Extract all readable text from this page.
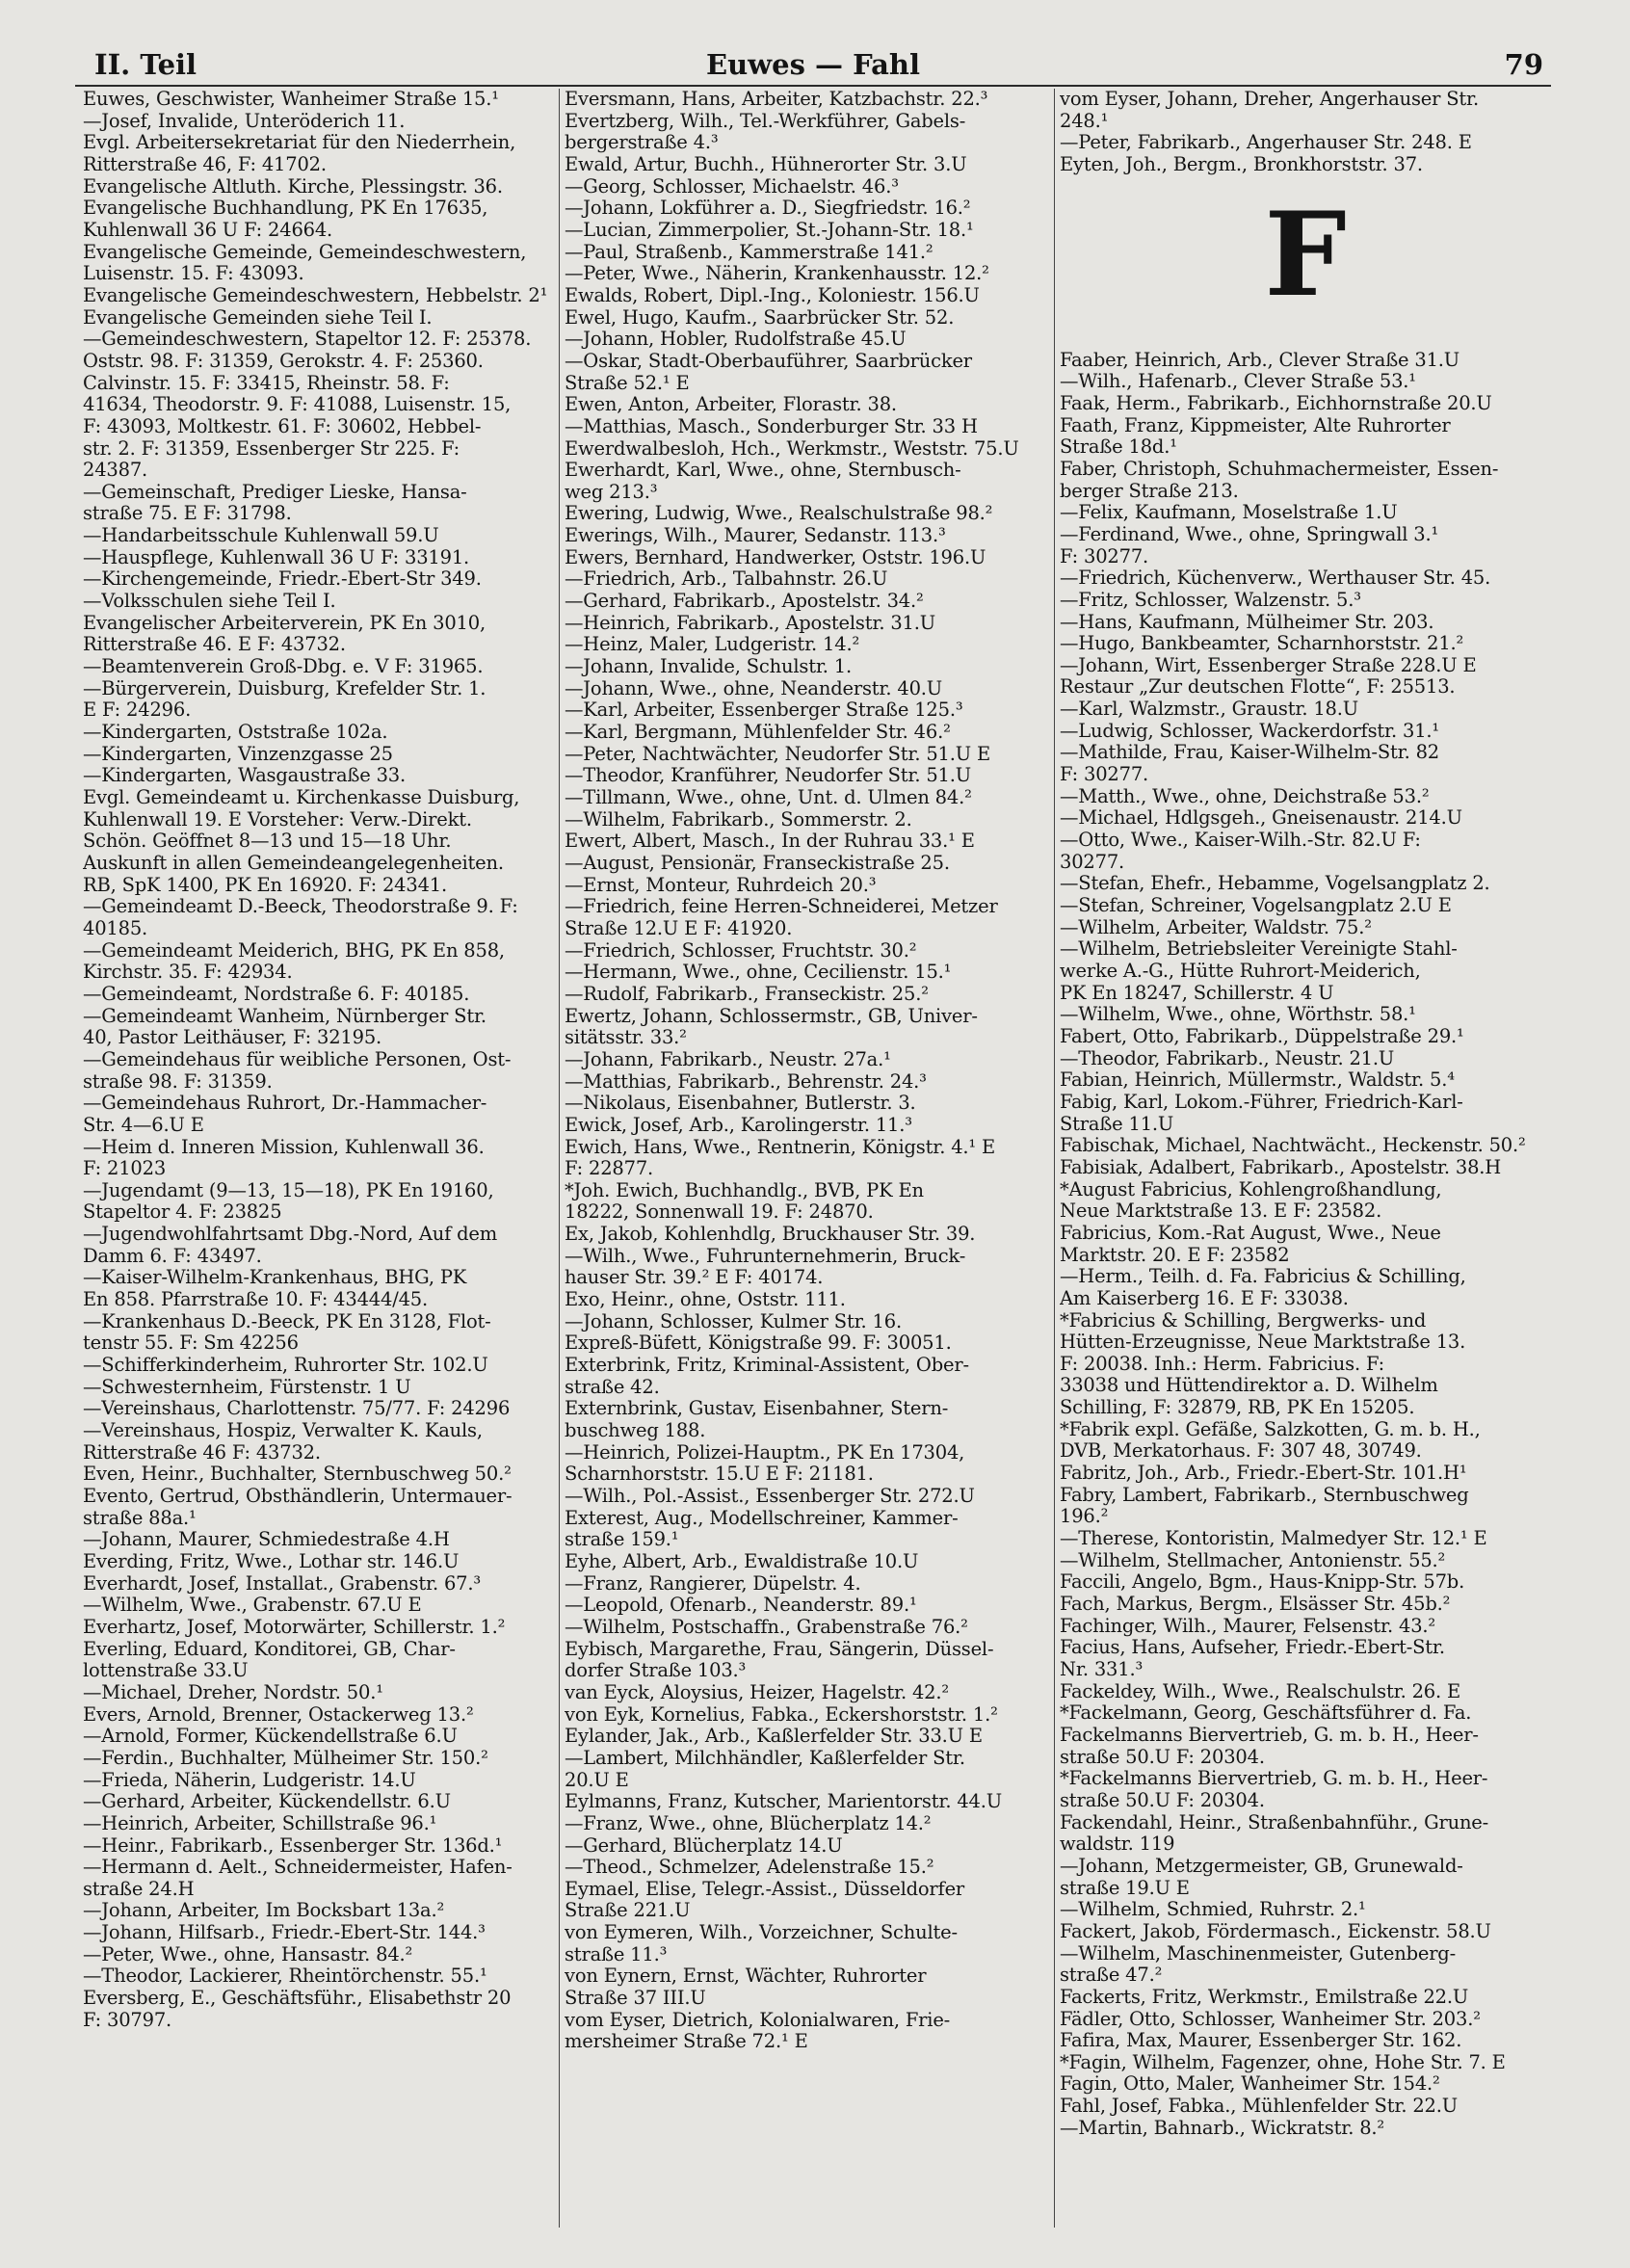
II. Teil	Euwes — Fahl	79
Euwes, Geschwister, Wanheimer Straße 15.¹
—Josef, Invalide, Unteröderich 11.
Evgl. Arbeitersekretariat für den Niederrhein,
Ritterstraße 46, F: 41702.
Evangelische Altluth. Kirche, Plessingstr. 36.
Evangelische Buchhandlung, PK En 17635,
Kuhlenwall 36 U F: 24664.
Evangelische Gemeinde, Gemeindeschwestern,
Luisenstr. 15. F: 43093.
Evangelische Gemeindeschwestern, Hebbelstr. 2¹
Evangelische Gemeinden siehe Teil I.
—Gemeindeschwestern, Stapeltor 12. F: 25378.
Oststr. 98. F: 31359, Gerokstr. 4. F: 25360.
Calvinstr. 15. F: 33415, Rheinstr. 58. F:
41634, Theodorstr. 9. F: 41088, Luisenstr. 15,
F: 43093, Moltkestr. 61. F: 30602, Hebbel-
str. 2. F: 31359, Essenberger Str 225. F:
24387.
—Gemeinschaft, Prediger Lieske, Hansa-
straße 75. E F: 31798.
—Handarbeitsschule Kuhlenwall 59.U
—Hauspflege, Kuhlenwall 36 U F: 33191.
—Kirchengemeinde, Friedr.-Ebert-Str 349.
—Volksschulen siehe Teil I.
Evangelischer Arbeiterverein, PK En 3010,
Ritterstraße 46. E F: 43732.
—Beamtenverein Groß-Dbg. e. V F: 31965.
—Bürgerverein, Duisburg, Krefelder Str. 1.
E F: 24296.
—Kindergarten, Oststraße 102a.
—Kindergarten, Vinzenzgasse 25
—Kindergarten, Wasgaustraße 33.
Evgl. Gemeindeamt u. Kirchenkasse Duisburg,
Kuhlenwall 19. E Vorsteher: Verw.-Direkt.
Schön. Geöffnet 8—13 und 15—18 Uhr.
Auskunft in allen Gemeindeangelegenheiten.
RB, SpK 1400, PK En 16920. F: 24341.
—Gemeindeamt D.-Beeck, Theodorstraße 9. F:
40185.
—Gemeindeamt Meiderich, BHG, PK En 858,
Kirchstr. 35. F: 42934.
—Gemeindeamt, Nordstraße 6. F: 40185.
—Gemeindeamt Wanheim, Nürnberger Str.
40, Pastor Leithäuser, F: 32195.
—Gemeindehaus für weibliche Personen, Ost-
straße 98. F: 31359.
—Gemeindehaus Ruhrort, Dr.-Hammacher-
Str. 4—6.U E
—Heim d. Inneren Mission, Kuhlenwall 36.
F: 21023
—Jugendamt (9—13, 15—18), PK En 19160,
Stapeltor 4. F: 23825
—Jugendwohlfahrtsamt Dbg.-Nord, Auf dem
Damm 6. F: 43497.
—Kaiser-Wilhelm-Krankenhaus, BHG, PK
En 858. Pfarrstraße 10. F: 43444/45.
—Krankenhaus D.-Beeck, PK En 3128, Flot-
tenstr 55. F: Sm 42256
—Schifferkinderheim, Ruhrorter Str. 102.U
—Schwesternheim, Fürstenstr. 1 U
—Vereinshaus, Charlottenstr. 75/77. F: 24296
—Vereinshaus, Hospiz, Verwalter K. Kauls,
Ritterstraße 46 F: 43732.
Even, Heinr., Buchhalter, Sternbuschweg 50.²
Evento, Gertrud, Obsthändlerin, Untermauer-
straße 88a.¹
—Johann, Maurer, Schmiedestraße 4.H
Everding, Fritz, Wwe., Lothar str. 146.U
Everhardt, Josef, Installat., Grabenstr. 67.³
—Wilhelm, Wwe., Grabenstr. 67.U E
Everhartz, Josef, Motorwärter, Schillerstr. 1.²
Everling, Eduard, Konditorei, GB, Char-
lottenstraße 33.U
—Michael, Dreher, Nordstr. 50.¹
Evers, Arnold, Brenner, Ostackerweg 13.²
—Arnold, Former, Kückendellstraße 6.U
—Ferdin., Buchhalter, Mülheimer Str. 150.²
—Frieda, Näherin, Ludgeristr. 14.U
—Gerhard, Arbeiter, Kückendellstr. 6.U
—Heinrich, Arbeiter, Schillstraße 96.¹
—Heinr., Fabrikarb., Essenberger Str. 136d.¹
—Hermann d. Aelt., Schneidermeister, Hafen-
straße 24.H
—Johann, Arbeiter, Im Bocksbart 13a.²
—Johann, Hilfsarb., Friedr.-Ebert-Str. 144.³
—Peter, Wwe., ohne, Hansastr. 84.²
—Theodor, Lackierer, Rheintörchenstr. 55.¹
Eversberg, E., Geschäftsführ., Elisabethstr 20
F: 30797.
Eversmann, Hans, Arbeiter, Katzbachstr. 22.³
Evertzberg, Wilh., Tel.-Werkführer, Gabels-
bergerstraße 4.³
Ewald, Artur, Buchh., Hühnerorter Str. 3.U
—Georg, Schlosser, Michaelstr. 46.³
—Johann, Lokführer a. D., Siegfriedstr. 16.²
—Lucian, Zimmerpolier, St.-Johann-Str. 18.¹
—Paul, Straßenb., Kammerstraße 141.²
—Peter, Wwe., Näherin, Krankenhausstr. 12.²
Ewalds, Robert, Dipl.-Ing., Koloniestr. 156.U
Ewel, Hugo, Kaufm., Saarbrücker Str. 52.
—Johann, Hobler, Rudolfstraße 45.U
—Oskar, Stadt-Oberbauführer, Saarbrücker
Straße 52.¹ E
Ewen, Anton, Arbeiter, Florastr. 38.
—Matthias, Masch., Sonderburger Str. 33 H
Ewerdwalbesloh, Hch., Werkmstr., Weststr. 75.U
Ewerhardt, Karl, Wwe., ohne, Sternbusch-
weg 213.³
Ewering, Ludwig, Wwe., Realschulstraße 98.²
Ewerings, Wilh., Maurer, Sedanstr. 113.³
Ewers, Bernhard, Handwerker, Oststr. 196.U
—Friedrich, Arb., Talbahnstr. 26.U
—Gerhard, Fabrikarb., Apostelstr. 34.²
—Heinrich, Fabrikarb., Apostelstr. 31.U
—Heinz, Maler, Ludgeristr. 14.²
—Johann, Invalide, Schulstr. 1.
—Johann, Wwe., ohne, Neanderstr. 40.U
—Karl, Arbeiter, Essenberger Straße 125.³
—Karl, Bergmann, Mühlenfelder Str. 46.²
—Peter, Nachtwächter, Neudorfer Str. 51.U E
—Theodor, Kranführer, Neudorfer Str. 51.U
—Tillmann, Wwe., ohne, Unt. d. Ulmen 84.²
—Wilhelm, Fabrikarb., Sommerstr. 2.
Ewert, Albert, Masch., In der Ruhrau 33.¹ E
—August, Pensionär, Franseckistraße 25.
—Ernst, Monteur, Ruhrdeich 20.³
—Friedrich, feine Herren-Schneiderei, Metzer
Straße 12.U E F: 41920.
—Friedrich, Schlosser, Fruchtstr. 30.²
—Hermann, Wwe., ohne, Cecilienstr. 15.¹
—Rudolf, Fabrikarb., Franseckistr. 25.²
Ewertz, Johann, Schlossermstr., GB, Univer-
sitätsstr. 33.²
—Johann, Fabrikarb., Neustr. 27a.¹
—Matthias, Fabrikarb., Behrenstr. 24.³
—Nikolaus, Eisenbahner, Butlerstr. 3.
Ewick, Josef, Arb., Karolingerstr. 11.³
Ewich, Hans, Wwe., Rentnerin, Königstr. 4.¹ E
F: 22877.
*Joh. Ewich, Buchhandlg., BVB, PK En
18222, Sonnenwall 19. F: 24870.
Ex, Jakob, Kohlenhdlg, Bruckhauser Str. 39.
—Wilh., Wwe., Fuhrunternehmerin, Bruck-
hauser Str. 39.² E F: 40174.
Exo, Heinr., ohne, Oststr. 111.
—Johann, Schlosser, Kulmer Str. 16.
Expreß-Büfett, Königstraße 99. F: 30051.
Exterbrink, Fritz, Kriminal-Assistent, Ober-
straße 42.
Externbrink, Gustav, Eisenbahner, Stern-
buschweg 188.
—Heinrich, Polizei-Hauptm., PK En 17304,
Scharnhorststr. 15.U E F: 21181.
—Wilh., Pol.-Assist., Essenberger Str. 272.U
Exterest, Aug., Modellschreiner, Kammer-
straße 159.¹
Eyhe, Albert, Arb., Ewaldistraße 10.U
—Franz, Rangierer, Düpelstr. 4.
—Leopold, Ofenarb., Neanderstr. 89.¹
—Wilhelm, Postschaffn., Grabenstraße 76.²
Eybisch, Margarethe, Frau, Sängerin, Düssel-
dorfer Straße 103.³
van Eyck, Aloysius, Heizer, Hagelstr. 42.²
von Eyk, Kornelius, Fabka., Eckershorststr. 1.²
Eylander, Jak., Arb., Kaßlerfelder Str. 33.U E
—Lambert, Milchhändler, Kaßlerfelder Str.
20.U E
Eylmanns, Franz, Kutscher, Marientorstr. 44.U
—Franz, Wwe., ohne, Blücherplatz 14.²
—Gerhard, Blücherplatz 14.U
—Theod., Schmelzer, Adelenstraße 15.²
Eymael, Elise, Telegr.-Assist., Düsseldorfer
Straße 221.U
von Eymeren, Wilh., Vorzeichner, Schulte-
straße 11.³
von Eynern, Ernst, Wächter, Ruhrorter
Straße 37 III.U
vom Eyser, Dietrich, Kolonialwaren, Frie-
mersheimer Straße 72.¹ E
vom Eyser, Johann, Dreher, Angerhauser Str.
248.¹
—Peter, Fabrikarb., Angerhauser Str. 248. E
Eyten, Joh., Bergm., Bronkhorststr. 37.
F
Faaber, Heinrich, Arb., Clever Straße 31.U
—Wilh., Hafenarb., Clever Straße 53.¹
Faak, Herm., Fabrikarb., Eichhornstraße 20.U
Faath, Franz, Kippmeister, Alte Ruhrorter
Straße 18d.¹
Faber, Christoph, Schuhmachermeister, Essen-
berger Straße 213.
—Felix, Kaufmann, Moselstraße 1.U
—Ferdinand, Wwe., ohne, Springwall 3.¹
F: 30277.
—Friedrich, Küchenverw., Werthauser Str. 45.
—Fritz, Schlosser, Walzenstr. 5.³
—Hans, Kaufmann, Mülheimer Str. 203.
—Hugo, Bankbeamter, Scharnhorststr. 21.²
—Johann, Wirt, Essenberger Straße 228.U E
Restaur „Zur deutschen Flotte“, F: 25513.
—Karl, Walzmstr., Graustr. 18.U
—Ludwig, Schlosser, Wackerdorfstr. 31.¹
—Mathilde, Frau, Kaiser-Wilhelm-Str. 82
F: 30277.
—Matth., Wwe., ohne, Deichstraße 53.²
—Michael, Hdlgsgeh., Gneisenaustr. 214.U
—Otto, Wwe., Kaiser-Wilh.-Str. 82.U F:
30277.
—Stefan, Ehefr., Hebamme, Vogelsangplatz 2.
—Stefan, Schreiner, Vogelsangplatz 2.U E
—Wilhelm, Arbeiter, Waldstr. 75.²
—Wilhelm, Betriebsleiter Vereinigte Stahl-
werke A.-G., Hütte Ruhrort-Meiderich,
PK En 18247, Schillerstr. 4 U
—Wilhelm, Wwe., ohne, Wörthstr. 58.¹
Fabert, Otto, Fabrikarb., Düppelstraße 29.¹
—Theodor, Fabrikarb., Neustr. 21.U
Fabian, Heinrich, Müllermstr., Waldstr. 5.⁴
Fabig, Karl, Lokom.-Führer, Friedrich-Karl-
Straße 11.U
Fabischak, Michael, Nachtwächt., Heckenstr. 50.²
Fabisiak, Adalbert, Fabrikarb., Apostelstr. 38.H
*August Fabricius, Kohlengroßhandlung,
Neue Marktstraße 13. E F: 23582.
Fabricius, Kom.-Rat August, Wwe., Neue
Marktstr. 20. E F: 23582
—Herm., Teilh. d. Fa. Fabricius & Schilling,
Am Kaiserberg 16. E F: 33038.
*Fabricius & Schilling, Bergwerks- und
Hütten-Erzeugnisse, Neue Marktstraße 13.
F: 20038. Inh.: Herm. Fabricius. F:
33038 und Hüttendirektor a. D. Wilhelm
Schilling, F: 32879, RB, PK En 15205.
*Fabrik expl. Gefäße, Salzkotten, G. m. b. H.,
DVB, Merkatorhaus. F: 307 48, 30749.
Fabritz, Joh., Arb., Friedr.-Ebert-Str. 101.H¹
Fabry, Lambert, Fabrikarb., Sternbuschweg
196.²
—Therese, Kontoristin, Malmedyer Str. 12.¹ E
—Wilhelm, Stellmacher, Antonienstr. 55.²
Faccili, Angelo, Bgm., Haus-Knipp-Str. 57b.
Fach, Markus, Bergm., Elsässer Str. 45b.²
Fachinger, Wilh., Maurer, Felsenstr. 43.²
Facius, Hans, Aufseher, Friedr.-Ebert-Str.
Nr. 331.³
Fackeldey, Wilh., Wwe., Realschulstr. 26. E
*Fackelmann, Georg, Geschäftsführer d. Fa.
Fackelmanns Biervertrieb, G. m. b. H., Heer-
straße 50.U F: 20304.
*Fackelmanns Biervertrieb, G. m. b. H., Heer-
straße 50.U F: 20304.
Fackendahl, Heinr., Straßenbahnführ., Grune-
waldstr. 119
—Johann, Metzgermeister, GB, Grunewald-
straße 19.U E
—Wilhelm, Schmied, Ruhrstr. 2.¹
Fackert, Jakob, Fördermasch., Eickenstr. 58.U
—Wilhelm, Maschinenmeister, Gutenberg-
straße 47.²
Fackerts, Fritz, Werkmstr., Emilstraße 22.U
Fädler, Otto, Schlosser, Wanheimer Str. 203.²
Fafira, Max, Maurer, Essenberger Str. 162.
*Fagin, Wilhelm, Fagenzer, ohne, Hohe Str. 7. E
Fagin, Otto, Maler, Wanheimer Str. 154.²
Fahl, Josef, Fabka., Mühlenfelder Str. 22.U
—Martin, Bahnarb., Wickratstr. 8.²
